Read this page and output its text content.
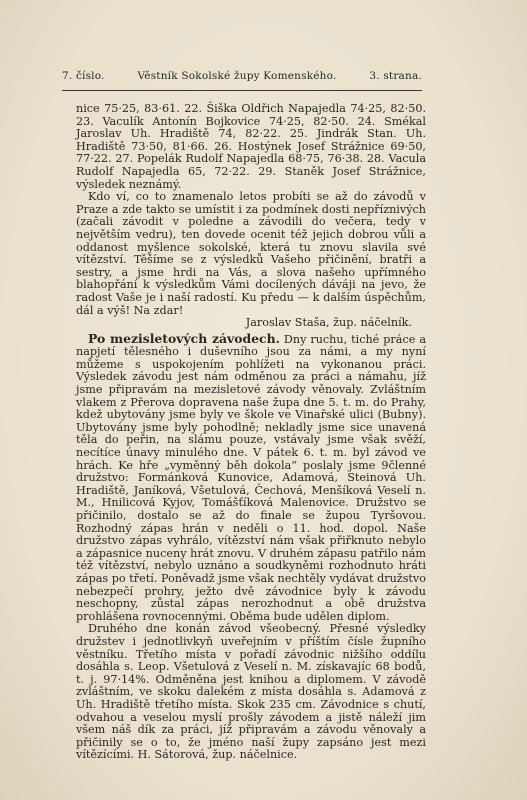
7. číslo.	Věstník Sokolské župy Komenského.	3. strana.

nice 75·25, 83·61. 22. Šiška Oldřich Napajedla 74·25, 82·50. 23. Vaculík Antonín Bojkovice 74·25, 82·50. 24. Smékal Jaroslav Uh. Hradiště 74, 82·22. 25. Jindrák Stan. Uh. Hradiště 73·50, 81·66. 26. Hostýnek Josef Strážnice 69·50, 77·22. 27. Popelák Rudolf Napajedla 68·75, 76·38. 28. Vacula Rudolf Napajedla 65, 72·22. 29. Staněk Josef Strážnice, výsledek neznámý.

Kdo ví, co to znamenalo letos probíti se až do závodů v Praze a zde takto se umístit i za podmínek dosti nepříznivých (začali závodit v poledne a závodili do večera, tedy v největším vedru), ten dovede ocenit též jejich dobrou vůli a oddanost myšlence sokolské, která tu znovu slavila své vítězství. Těšíme se z výsledků Vašeho přičinění, bratři a sestry, a jsme hrdi na Vás, a slova našeho upřímného blahopřání k výsledkům Vámi docílených dáváji na jevo, že radost Vaše je i naší radostí. Ku předu — k dalším úspěchům, dál a výš! Na zdar!

Jaroslav Staša, žup. náčelník.

Po mezisletových závodech. Dny ruchu, tiché práce a napjetí tělesného i duševního jsou za námi, a my nyní můžeme s uspokojením pohlížeti na vykonanou práci. Výsledek závodu jest nám odměnou za práci a námahu, jíž jsme připravám na mezisletové závody věnovaly. Zvláštním vlakem z Přerova dopravena naše župa dne 5. t. m. do Prahy, kdež ubytovány jsme byly ve škole ve Vinařské ulici (Bubny). Ubytovány jsme byly pohodlně; nekladly jsme sice unavená těla do peřin, na slámu pouze, vstávaly jsme však svěží, necítíce únavy minulého dne. V pátek 6. t. m. byl závod ve hrách. Ke hře „vyměnný běh dokola“ poslaly jsme 9členné družstvo: Formánková Kunovice, Adamová, Steinová Uh. Hradiště, Janíková, Všetulová, Čechová, Menšíková Veselí n. M., Hnilicová Kyjov, Tomášťíková Malenovice. Družstvo se přičinilo, dostalo se až do finale se župou Tyršovou. Rozhodný zápas hrán v neděli o 11. hod. dopol. Naše družstvo zápas vyhrálo, vítězství nám však přiřknuto nebylo a zápasnice nuceny hrát znovu. V druhém zápasu patřilo nám též vítězství, nebylo uznáno a soudkyněmi rozhodnuto hráti zápas po třetí. Poněvadž jsme však nechtěly vydávat družstvo nebezpečí prohry, ježto dvě závodnice byly k závodu neschopny, zůstal zápas nerozhodnut a obě družstva prohlášena rovnocennými. Oběma bude udělen diplom.

Druhého dne konán závod všeobecný. Přesné výsledky družstev i jednotlivkyň uveřejním v příštím čísle župního věstníku. Třetího místa v pořadí závodnic nižšího oddílu dosáhla s. Leop. Všetulová z Veselí n. M. získavajíc 68 bodů, t. j. 97·14%. Odměněna jest knihou a diplomem. V závodě zvláštním, ve skoku dalekém z místa dosáhla s. Adamová z Uh. Hradiště třetího místa. Skok 235 cm. Závodnice s chutí, odvahou a veselou myslí prošly závodem a jistě náleží jim všem náš dík za práci, jíž připravám a závodu věnovaly a přičinily se o to, že jméno naší župy zapsáno jest mezi vítězícími. H. Sátorová, žup. náčelnice.
